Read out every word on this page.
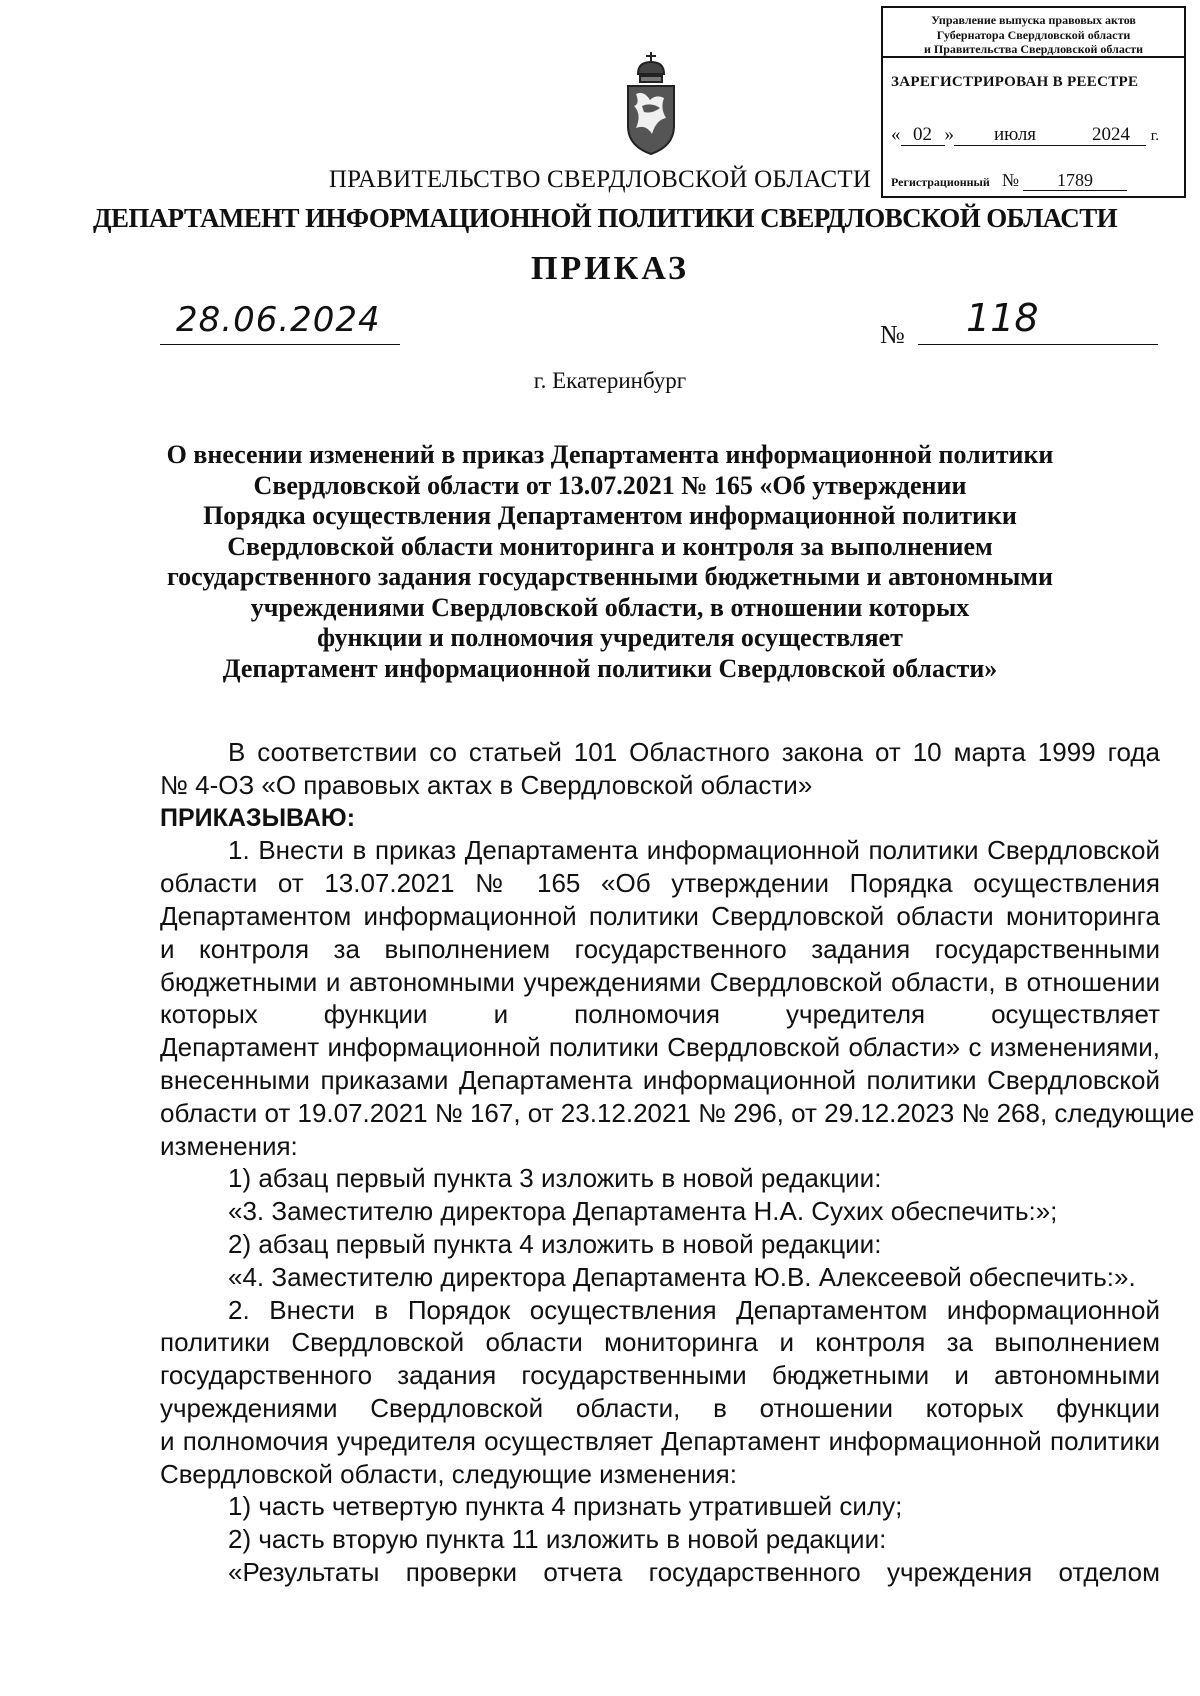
Управление выпуска правовых актов
Губернатора Свердловской области
и Правительства Свердловской области
ЗАРЕГИСТРИРОВАН В РЕЕСТРЕ
« 02 » июля	2024 г.
Регистрационный № 1789
ПРАВИТЕЛЬСТВО СВЕРДЛОВСКОЙ ОБЛАСТИ
ДЕПАРТАМЕНТ ИНФОРМАЦИОННОЙ ПОЛИТИКИ СВЕРДЛОВСКОЙ ОБЛАСТИ
ПРИКАЗ
28.06.2024	№ 118
г. Екатеринбург
О внесении изменений в приказ Департамента информационной политики
Свердловской области от 13.07.2021 № 165 «Об утверждении
Порядка осуществления Департаментом информационной политики
Свердловской области мониторинга и контроля за выполнением
государственного задания государственными бюджетными и автономными
учреждениями Свердловской области, в отношении которых
функции и полномочия учредителя осуществляет
Департамент информационной политики Свердловской области»
В соответствии со статьей 101 Областного закона от 10 марта 1999 года
№ 4-ОЗ «О правовых актах в Свердловской области»
ПРИКАЗЫВАЮ:
1. Внести в приказ Департамента информационной политики Свердловской
области от 13.07.2021 № 165 «Об утверждении Порядка осуществления
Департаментом информационной политики Свердловской области мониторинга
и контроля за выполнением государственного задания государственными
бюджетными и автономными учреждениями Свердловской области, в отношении
которых функции и полномочия учредителя осуществляет
Департамент информационной политики Свердловской области» с изменениями,
внесенными приказами Департамента информационной политики Свердловской
области от 19.07.2021 № 167, от 23.12.2021 № 296, от 29.12.2023 № 268, следующие
изменения:
1) абзац первый пункта 3 изложить в новой редакции:
«3. Заместителю директора Департамента Н.А. Сухих обеспечить:»;
2) абзац первый пункта 4 изложить в новой редакции:
«4. Заместителю директора Департамента Ю.В. Алексеевой обеспечить:».
2. Внести в Порядок осуществления Департаментом информационной
политики Свердловской области мониторинга и контроля за выполнением
государственного задания государственными бюджетными и автономными
учреждениями Свердловской области, в отношении которых функции
и полномочия учредителя осуществляет Департамент информационной политики
Свердловской области, следующие изменения:
1) часть четвертую пункта 4 признать утратившей силу;
2) часть вторую пункта 11 изложить в новой редакции:
«Результаты проверки отчета государственного учреждения отделом
